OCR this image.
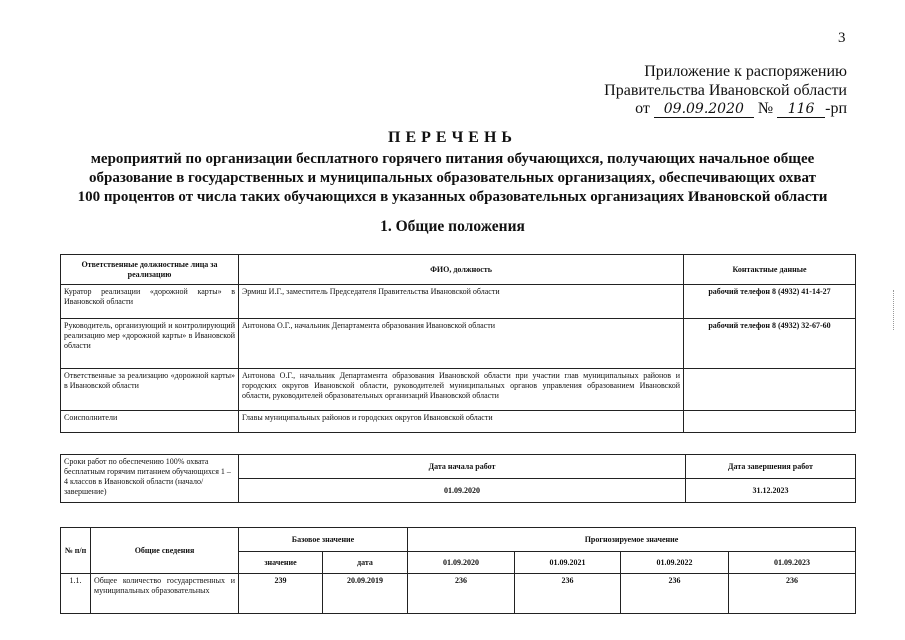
3
Приложение к распоряжению
Правительства Ивановской области
от 09.09.2020 № 116 -рп
ПЕРЕЧЕНЬ
мероприятий по организации бесплатного горячего питания обучающихся, получающих начальное общее
образование в государственных и муниципальных образовательных организациях, обеспечивающих охват
100 процентов от числа таких обучающихся в указанных образовательных организациях Ивановской области
1. Общие положения
Ответственные должностные лица за реализацию	ФИО, должность	Контактные данные
Куратор реализации «дорожной карты» в Ивановской области	Эрмиш И.Г., заместитель Председателя Правительства Ивановской области	рабочий телефон 8 (4932) 41-14-27
Руководитель, организующий и контролирующий реализацию мер «дорожной карты» в Ивановской области	Антонова О.Г., начальник Департамента образования Ивановской области	рабочий телефон 8 (4932) 32-67-60
Ответственные за реализацию «дорожной карты» в Ивановской области	Антонова О.Г., начальник Департамента образования Ивановской области при участии глав муниципальных районов и городских округов Ивановской области, руководителей муниципальных органов управления образованием Ивановской области, руководителей образовательных организаций Ивановской области	
Соисполнители	Главы муниципальных районов и городских округов Ивановской области	
Сроки работ по обеспечению 100% охвата бесплатным горячим питанием обучающихся 1 – 4 классов в Ивановской области (начало/завершение)	Дата начала работ	Дата завершения работ
	01.09.2020	31.12.2023
№ п/п	Общие сведения	Базовое значение		Прогнозируемое значение			
		значение	дата	01.09.2020	01.09.2021	01.09.2022	01.09.2023
1.1.	Общее количество государственных и муниципальных образовательных	239	20.09.2019	236	236	236	236
